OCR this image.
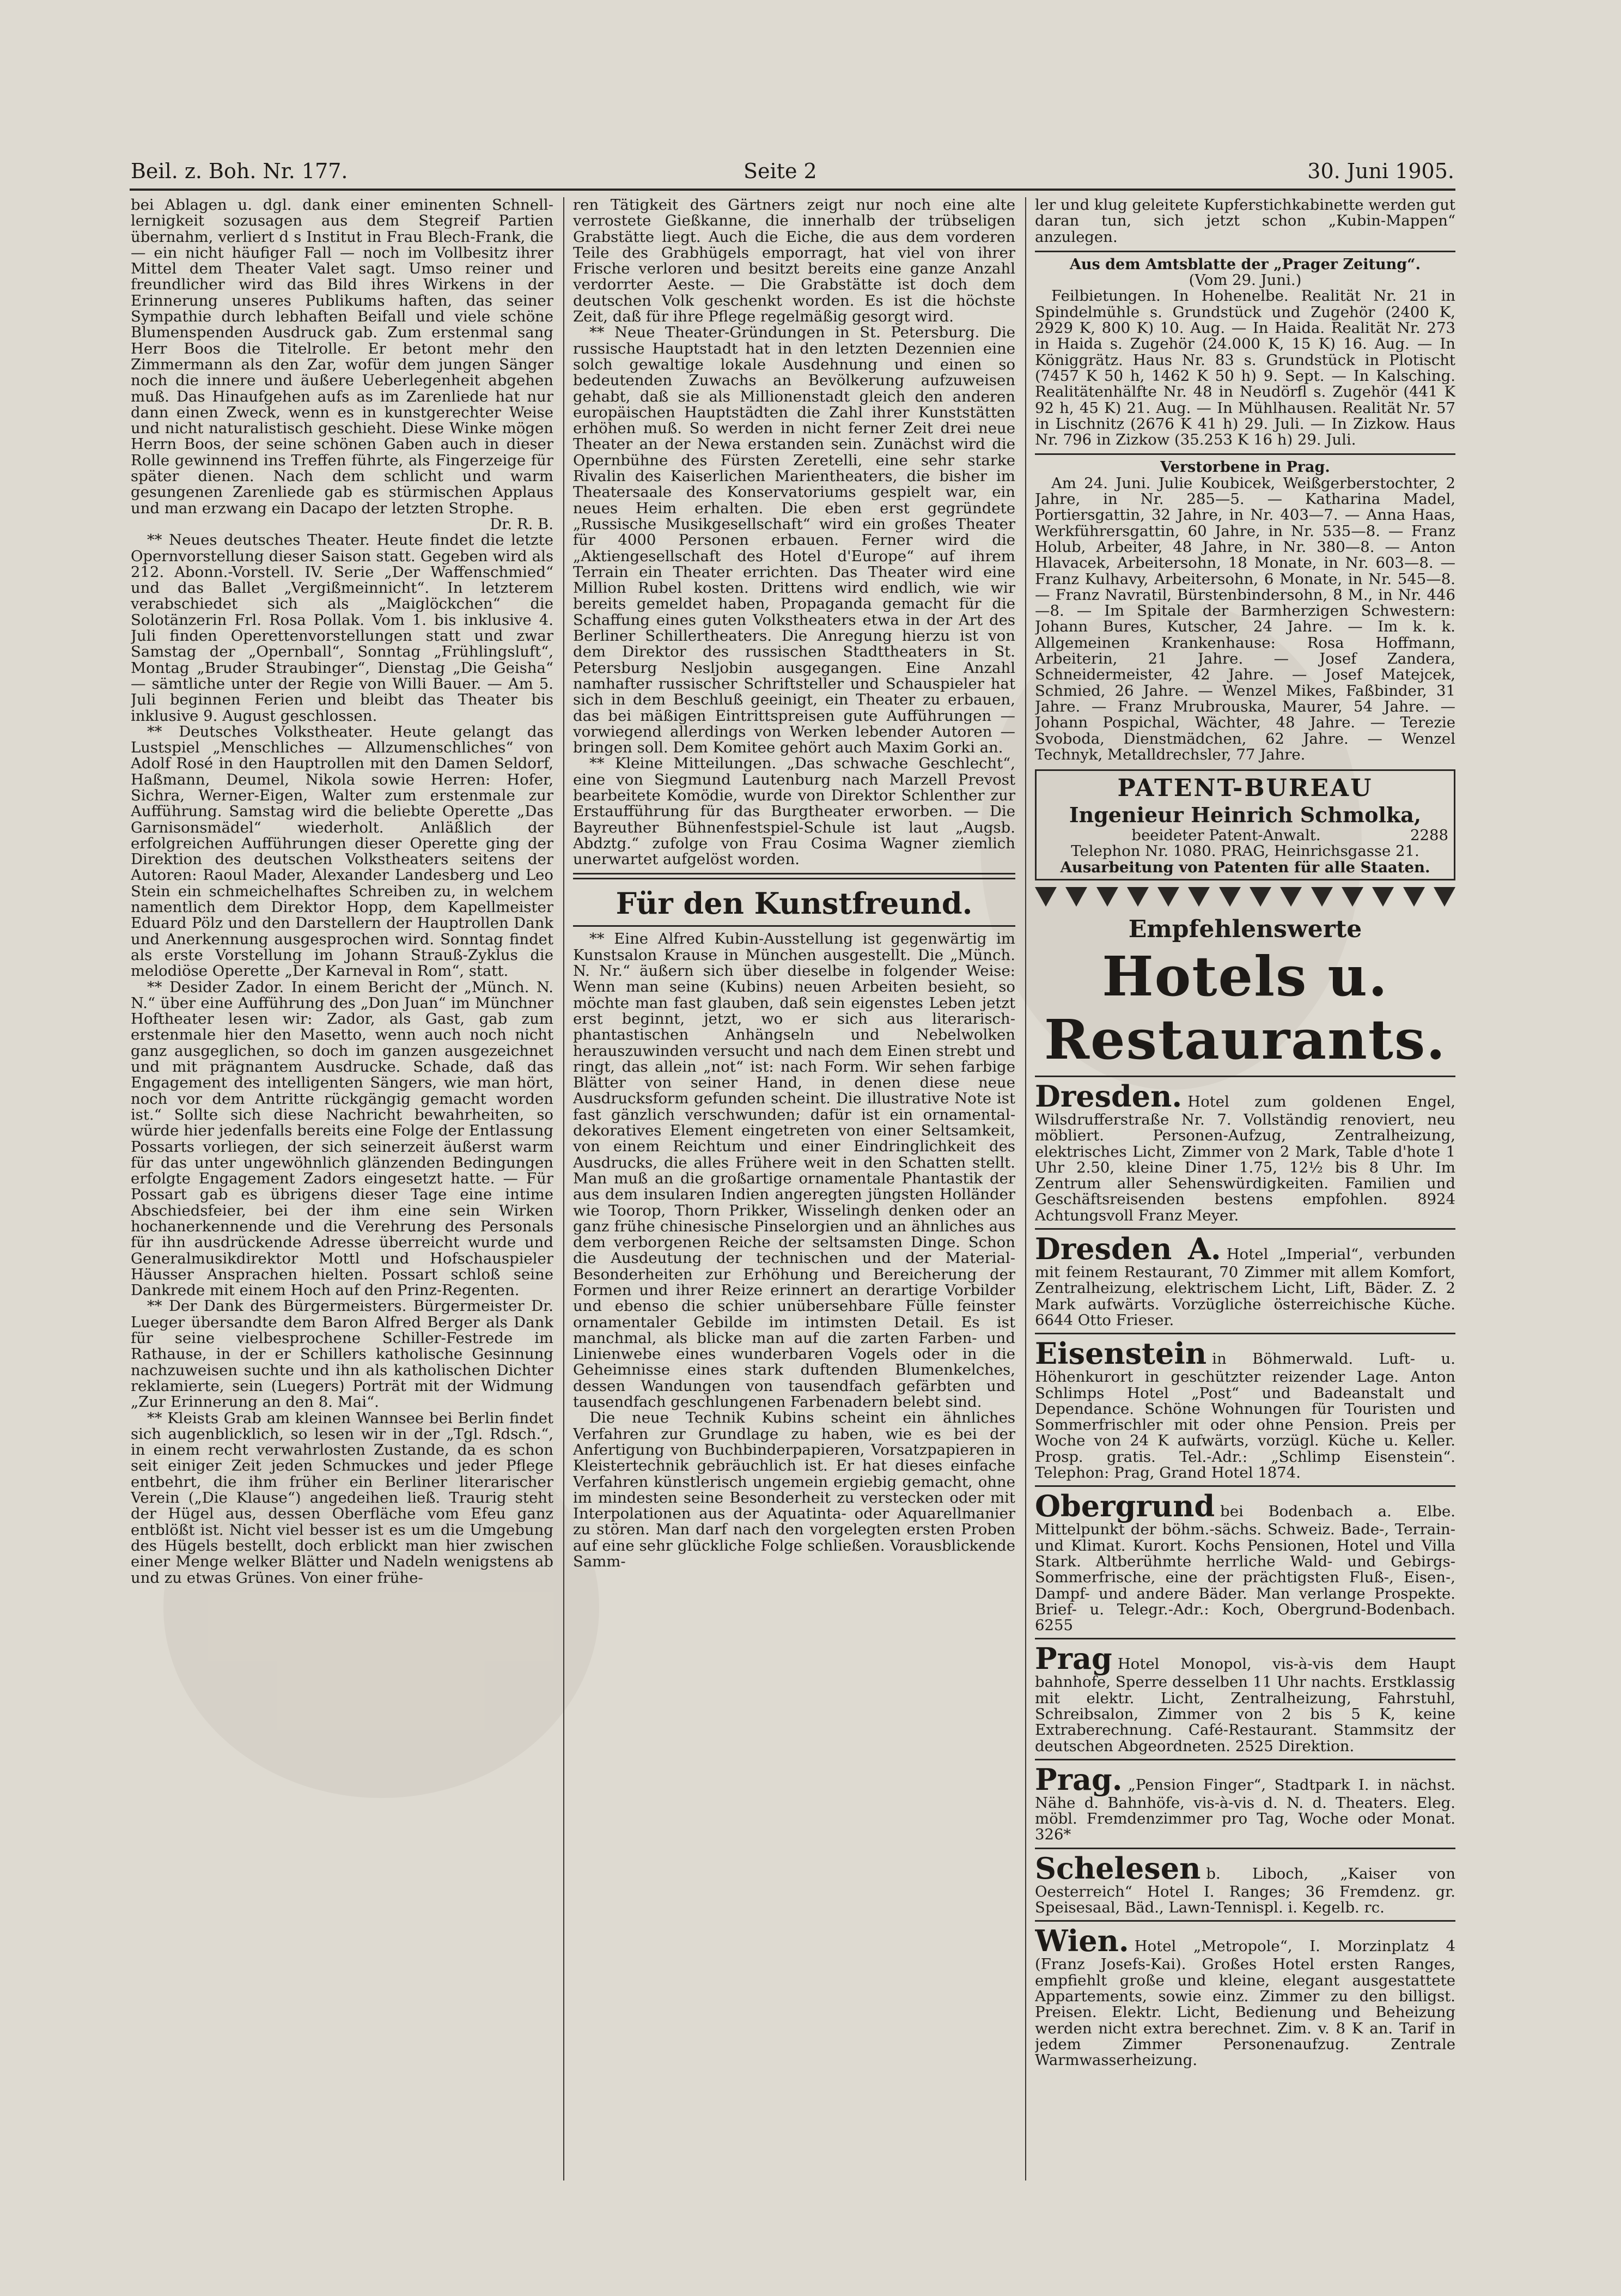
Beil. z. Boh. Nr. 177.	Seite 2	30. Juni 1905.

bei Ablagen u. dgl. dank einer eminenten Schnell-lernigkeit sozusagen aus dem Stegreif Partien übernahm, verliert d s Institut in Frau Blech-Frank, die — ein nicht häufiger Fall — noch im Vollbesitz ihrer Mittel dem Theater Valet sagt. Umso reiner und freundlicher wird das Bild ihres Wirkens in der Erinnerung unseres Publikums haften, das seiner Sympathie durch lebhaften Beifall und viele schöne Blumenspenden Ausdruck gab. Zum erstenmal sang Herr Boos die Titelrolle. Er betont mehr den Zimmermann als den Zar, wofür dem jungen Sänger noch die innere und äußere Ueberlegenheit abgehen muß. Das Hinaufgehen aufs as im Zarenliede hat nur dann einen Zweck, wenn es in kunstgerechter Weise und nicht naturalistisch geschieht. Diese Winke mögen Herrn Boos, der seine schönen Gaben auch in dieser Rolle gewinnend ins Treffen führte, als Fingerzeige für später dienen. Nach dem schlicht und warm gesungenen Zarenliede gab es stürmischen Applaus und man erzwang ein Dacapo der letzten Strophe.

Dr. R. B.

** Neues deutsches Theater. Heute findet die letzte Opernvorstellung dieser Saison statt. Gegeben wird als 212. Abonn.-Vorstell. IV. Serie „Der Waffenschmied“ und das Ballet „Vergißmeinnicht“. In letzterem verabschiedet sich als „Maiglöckchen“ die Solotänzerin Frl. Rosa Pollak. Vom 1. bis inklusive 4. Juli finden Operettenvorstellungen statt und zwar Samstag der „Opernball“, Sonntag „Frühlingsluft“, Montag „Bruder Straubinger“, Dienstag „Die Geisha“ — sämtliche unter der Regie von Willi Bauer. — Am 5. Juli beginnen Ferien und bleibt das Theater bis inklusive 9. August geschlossen.

** Deutsches Volkstheater. Heute gelangt das Lustspiel „Menschliches — Allzumenschliches“ von Adolf Rosé in den Hauptrollen mit den Damen Seldorf, Haßmann, Deumel, Nikola sowie Herren: Hofer, Sichra, Werner-Eigen, Walter zum erstenmale zur Aufführung. Samstag wird die beliebte Operette „Das Garnisonsmädel“ wiederholt. Anläßlich der erfolgreichen Aufführungen dieser Operette ging der Direktion des deutschen Volkstheaters seitens der Autoren: Raoul Mader, Alexander Landesberg und Leo Stein ein schmeichelhaftes Schreiben zu, in welchem namentlich dem Direktor Hopp, dem Kapellmeister Eduard Pölz und den Darstellern der Hauptrollen Dank und Anerkennung ausgesprochen wird. Sonntag findet als erste Vorstellung im Johann Strauß-Zyklus die melodiöse Operette „Der Karneval in Rom“, statt.

** Desider Zador. In einem Bericht der „Münch. N. N.“ über eine Aufführung des „Don Juan“ im Münchner Hoftheater lesen wir: Zador, als Gast, gab zum erstenmale hier den Masetto, wenn auch noch nicht ganz ausgeglichen, so doch im ganzen ausgezeichnet und mit prägnantem Ausdrucke. Schade, daß das Engagement des intelligenten Sängers, wie man hört, noch vor dem Antritte rückgängig gemacht worden ist.“ Sollte sich diese Nachricht bewahrheiten, so würde hier jedenfalls bereits eine Folge der Entlassung Possarts vorliegen, der sich seinerzeit äußerst warm für das unter ungewöhnlich glänzenden Bedingungen erfolgte Engagement Zadors eingesetzt hatte. — Für Possart gab es übrigens dieser Tage eine intime Abschiedsfeier, bei der ihm eine sein Wirken hochanerkennende und die Verehrung des Personals für ihn ausdrückende Adresse überreicht wurde und Generalmusikdirektor Mottl und Hofschauspieler Häusser Ansprachen hielten. Possart schloß seine Dankrede mit einem Hoch auf den Prinz-Regenten.

** Der Dank des Bürgermeisters. Bürgermeister Dr. Lueger übersandte dem Baron Alfred Berger als Dank für seine vielbesprochene Schiller-Festrede im Rathause, in der er Schillers katholische Gesinnung nachzuweisen suchte und ihn als katholischen Dichter reklamierte, sein (Luegers) Porträt mit der Widmung „Zur Erinnerung an den 8. Mai“.

** Kleists Grab am kleinen Wannsee bei Berlin findet sich augenblicklich, so lesen wir in der „Tgl. Rdsch.“, in einem recht verwahrlosten Zustande, da es schon seit einiger Zeit jeden Schmuckes und jeder Pflege entbehrt, die ihm früher ein Berliner literarischer Verein („Die Klause“) angedeihen ließ. Traurig steht der Hügel aus, dessen Oberfläche vom Efeu ganz entblößt ist. Nicht viel besser ist es um die Umgebung des Hügels bestellt, doch erblickt man hier zwischen einer Menge welker Blätter und Nadeln wenigstens ab und zu etwas Grünes. Von einer frühe-

ren Tätigkeit des Gärtners zeigt nur noch eine alte verrostete Gießkanne, die innerhalb der trübseligen Grabstätte liegt. Auch die Eiche, die aus dem vorderen Teile des Grabhügels emporragt, hat viel von ihrer Frische verloren und besitzt bereits eine ganze Anzahl verdorrter Aeste. — Die Grabstätte ist doch dem deutschen Volk geschenkt worden. Es ist die höchste Zeit, daß für ihre Pflege regelmäßig gesorgt wird.

** Neue Theater-Gründungen in St. Petersburg. Die russische Hauptstadt hat in den letzten Dezennien eine solch gewaltige lokale Ausdehnung und einen so bedeutenden Zuwachs an Bevölkerung aufzuweisen gehabt, daß sie als Millionenstadt gleich den anderen europäischen Hauptstädten die Zahl ihrer Kunststätten erhöhen muß. So werden in nicht ferner Zeit drei neue Theater an der Newa erstanden sein. Zunächst wird die Opernbühne des Fürsten Zeretelli, eine sehr starke Rivalin des Kaiserlichen Marientheaters, die bisher im Theatersaale des Konservatoriums gespielt war, ein neues Heim erhalten. Die eben erst gegründete „Russische Musikgesellschaft“ wird ein großes Theater für 4000 Personen erbauen. Ferner wird die „Aktiengesellschaft des Hotel d'Europe“ auf ihrem Terrain ein Theater errichten. Das Theater wird eine Million Rubel kosten. Drittens wird endlich, wie wir bereits gemeldet haben, Propaganda gemacht für die Schaffung eines guten Volkstheaters etwa in der Art des Berliner Schillertheaters. Die Anregung hierzu ist von dem Direktor des russischen Stadttheaters in St. Petersburg Nesljobin ausgegangen. Eine Anzahl namhafter russischer Schriftsteller und Schauspieler hat sich in dem Beschluß geeinigt, ein Theater zu erbauen, das bei mäßigen Eintrittspreisen gute Aufführungen — vorwiegend allerdings von Werken lebender Autoren — bringen soll. Dem Komitee gehört auch Maxim Gorki an.

** Kleine Mitteilungen. „Das schwache Geschlecht“, eine von Siegmund Lautenburg nach Marzell Prevost bearbeitete Komödie, wurde von Direktor Schlenther zur Erstaufführung für das Burgtheater erworben. — Die Bayreuther Bühnenfestspiel-Schule ist laut „Augsb. Abdztg.“ zufolge von Frau Cosima Wagner ziemlich unerwartet aufgelöst worden.

Für den Kunstfreund.

** Eine Alfred Kubin-Ausstellung ist gegenwärtig im Kunstsalon Krause in München ausgestellt. Die „Münch. N. Nr.“ äußern sich über dieselbe in folgender Weise: Wenn man seine (Kubins) neuen Arbeiten besieht, so möchte man fast glauben, daß sein eigenstes Leben jetzt erst beginnt, jetzt, wo er sich aus literarisch-phantastischen Anhängseln und Nebelwolken herauszuwinden versucht und nach dem Einen strebt und ringt, das allein „not“ ist: nach Form. Wir sehen farbige Blätter von seiner Hand, in denen diese neue Ausdrucksform gefunden scheint. Die illustrative Note ist fast gänzlich verschwunden; dafür ist ein ornamental-dekoratives Element eingetreten von einer Seltsamkeit, von einem Reichtum und einer Eindringlichkeit des Ausdrucks, die alles Frühere weit in den Schatten stellt. Man muß an die großartige ornamentale Phantastik der aus dem insularen Indien angeregten jüngsten Holländer wie Toorop, Thorn Prikker, Wisselingh denken oder an ganz frühe chinesische Pinselorgien und an ähnliches aus dem verborgenen Reiche der seltsamsten Dinge. Schon die Ausdeutung der technischen und der Material-Besonderheiten zur Erhöhung und Bereicherung der Formen und ihrer Reize erinnert an derartige Vorbilder und ebenso die schier unübersehbare Fülle feinster ornamentaler Gebilde im intimsten Detail. Es ist manchmal, als blicke man auf die zarten Farben- und Linienwebe eines wunderbaren Vogels oder in die Geheimnisse eines stark duftenden Blumenkelches, dessen Wandungen von tausendfach gefärbten und tausendfach geschlungenen Farbenadern belebt sind.

Die neue Technik Kubins scheint ein ähnliches Verfahren zur Grundlage zu haben, wie es bei der Anfertigung von Buchbinderpapieren, Vorsatzpapieren in Kleistertechnik gebräuchlich ist. Er hat dieses einfache Verfahren künstlerisch ungemein ergiebig gemacht, ohne im mindesten seine Besonderheit zu verstecken oder mit Interpolationen aus der Aquatinta- oder Aquarellmanier zu stören. Man darf nach den vorgelegten ersten Proben auf eine sehr glückliche Folge schließen. Vorausblickende Samm-

ler und klug geleitete Kupferstichkabinette werden gut daran tun, sich jetzt schon „Kubin-Mappen“ anzulegen.

Aus dem Amtsblatte der „Prager Zeitung“.

(Vom 29. Juni.)

Feilbietungen. In Hohenelbe. Realität Nr. 21 in Spindelmühle s. Grundstück und Zugehör (2400 K, 2929 K, 800 K) 10. Aug. — In Haida. Realität Nr. 273 in Haida s. Zugehör (24.000 K, 15 K) 16. Aug. — In Königgrätz. Haus Nr. 83 s. Grundstück in Plotischt (7457 K 50 h, 1462 K 50 h) 9. Sept. — In Kalsching. Realitätenhälfte Nr. 48 in Neudörfl s. Zugehör (441 K 92 h, 45 K) 21. Aug. — In Mühlhausen. Realität Nr. 57 in Lischnitz (2676 K 41 h) 29. Juli. — In Zizkow. Haus Nr. 796 in Zizkow (35.253 K 16 h) 29. Juli.

Verstorbene in Prag.

Am 24. Juni. Julie Koubicek, Weißgerberstochter, 2 Jahre, in Nr. 285—5. — Katharina Madel, Portiersgattin, 32 Jahre, in Nr. 403—7. — Anna Haas, Werkführersgattin, 60 Jahre, in Nr. 535—8. — Franz Holub, Arbeiter, 48 Jahre, in Nr. 380—8. — Anton Hlavacek, Arbeitersohn, 18 Monate, in Nr. 603—8. — Franz Kulhavy, Arbeitersohn, 6 Monate, in Nr. 545—8. — Franz Navratil, Bürstenbindersohn, 8 M., in Nr. 446—8. — Im Spitale der Barmherzigen Schwestern: Johann Bures, Kutscher, 24 Jahre. — Im k. k. Allgemeinen Krankenhause: Rosa Hoffmann, Arbeiterin, 21 Jahre. — Josef Zandera, Schneidermeister, 42 Jahre. — Josef Matejcek, Schmied, 26 Jahre. — Wenzel Mikes, Faßbinder, 31 Jahre. — Franz Mrubrouska, Maurer, 54 Jahre. — Johann Pospichal, Wächter, 48 Jahre. — Terezie Svoboda, Dienstmädchen, 62 Jahre. — Wenzel Technyk, Metalldrechsler, 77 Jahre.

PATENT-BUREAU
Ingenieur Heinrich Schmolka,
beeideter Patent-Anwalt.	2288
Telephon Nr. 1080. PRAG, Heinrichsgasse 21.
Ausarbeitung von Patenten für alle Staaten.
Empfehlenswerte
Hotels u. Restaurants.

Dresden. Hotel zum goldenen Engel, Wilsdrufferstraße Nr. 7. Vollständig renoviert, neu möbliert. Personen-Aufzug, Zentralheizung, elektrisches Licht, Zimmer von 2 Mark, Table d'hote 1 Uhr 2.50, kleine Diner 1.75, 12½ bis 8 Uhr. Im Zentrum aller Sehenswürdigkeiten. Familien und Geschäftsreisenden bestens empfohlen. 8924 Achtungsvoll Franz Meyer.

Dresden A. Hotel „Imperial“, verbunden mit feinem Restaurant, 70 Zimmer mit allem Komfort, Zentralheizung, elektrischem Licht, Lift, Bäder. Z. 2 Mark aufwärts. Vorzügliche österreichische Küche. 6644 Otto Frieser.

Eisenstein in Böhmerwald. Luft- u. Höhenkurort in geschützter reizender Lage. Anton Schlimps Hotel „Post“ und Badeanstalt und Dependance. Schöne Wohnungen für Touristen und Sommerfrischler mit oder ohne Pension. Preis per Woche von 24 K aufwärts, vorzügl. Küche u. Keller. Prosp. gratis. Tel.-Adr.: „Schlimp Eisenstein“. Telephon: Prag, Grand Hotel 1874.

Obergrund bei Bodenbach a. Elbe. Mittelpunkt der böhm.-sächs. Schweiz. Bade-, Terrain- und Klimat. Kurort. Kochs Pensionen, Hotel und Villa Stark. Altberühmte herrliche Wald- und Gebirgs-Sommerfrische, eine der prächtigsten Fluß-, Eisen-, Dampf- und andere Bäder. Man verlange Prospekte. Brief- u. Telegr.-Adr.: Koch, Obergrund-Bodenbach. 6255

Prag Hotel Monopol, vis-à-vis dem Haupt bahnhofe, Sperre desselben 11 Uhr nachts. Erstklassig mit elektr. Licht, Zentralheizung, Fahrstuhl, Schreibsalon, Zimmer von 2 bis 5 K, keine Extraberechnung. Café-Restaurant. Stammsitz der deutschen Abgeordneten. 2525 Direktion.

Prag. „Pension Finger“, Stadtpark I. in nächst. Nähe d. Bahnhöfe, vis-à-vis d. N. d. Theaters. Eleg. möbl. Fremdenzimmer pro Tag, Woche oder Monat. 326*

Schelesen b. Liboch, „Kaiser von Oesterreich“ Hotel I. Ranges; 36 Fremdenz. gr. Speisesaal, Bäd., Lawn-Tennispl. i. Kegelb. rc.

Wien. Hotel „Metropole“, I. Morzinplatz 4 (Franz Josefs-Kai). Großes Hotel ersten Ranges, empfiehlt große und kleine, elegant ausgestattete Appartements, sowie einz. Zimmer zu den billigst. Preisen. Elektr. Licht, Bedienung und Beheizung werden nicht extra berechnet. Zim. v. 8 K an. Tarif in jedem Zimmer Personenaufzug. Zentrale Warmwasserheizung.
